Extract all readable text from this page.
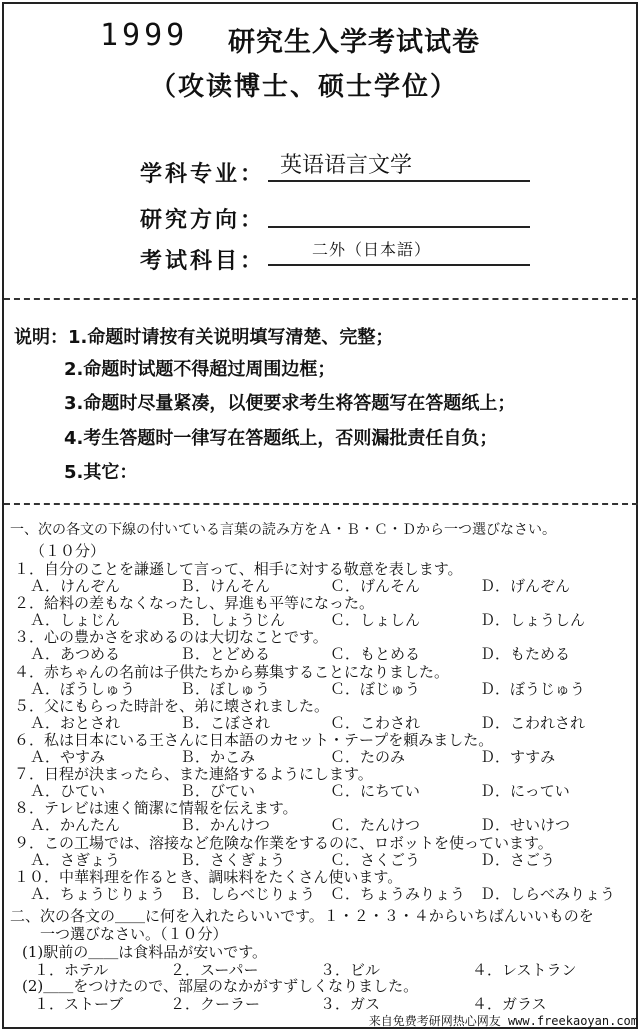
1999 研究生入学考试试卷
（攻读博士、硕士学位）
学科专业： 英语语言文学
研究方向：
考试科目：	二外（日本語）
说明：1.命题时请按有关说明填写清楚、完整；
2.命题时试题不得超过周围边框；
3.命题时尽量紧凑，以便要求考生将答题写在答题纸上；
4.考生答题时一律写在答题纸上，否则漏批责任自负；
5.其它：
一、次の各文の下線の付いている言葉の読み方をＡ・Ｂ・Ｃ・Ｄから一つ選びなさい。
（１０分）
１．自分のことを謙遜して言って、相手に対する敬意を表します。
Ａ．けんぞん	Ｂ．けんそん	Ｃ．げんそん	Ｄ．げんぞん
２．給料の差もなくなったし、昇進も平等になった。
Ａ．しょじん	Ｂ．しょうじん	Ｃ．しょしん	Ｄ．しょうしん
３．心の豊かさを求めるのは大切なことです。
Ａ．あつめる	Ｂ．とどめる	Ｃ．もとめる	Ｄ．もためる
４．赤ちゃんの名前は子供たちから募集することになりました。
Ａ．ぼうしゅう	Ｂ．ぼしゅう	Ｃ．ぼじゅう	Ｄ．ぼうじゅう
５．父にもらった時計を、弟に壊されました。
Ａ．おとされ	Ｂ．こぼされ	Ｃ．こわされ	Ｄ．こわれされ
６．私は日本にいる王さんに日本語のカセット・テープを頼みました。
Ａ．やすみ	Ｂ．かこみ	Ｃ．たのみ	Ｄ．すすみ
７．日程が決まったら、また連絡するようにします。
Ａ．ひてい	Ｂ．びてい	Ｃ．にちてい	Ｄ．にってい
８．テレビは速く簡潔に情報を伝えます。
Ａ．かんたん	Ｂ．かんけつ	Ｃ．たんけつ	Ｄ．せいけつ
９．この工場では、溶接など危険な作業をするのに、ロボットを使っています。
Ａ．さぎょう	Ｂ．さくぎょう	Ｃ．さくごう	Ｄ．さごう
１０．中華料理を作るとき、調味料をたくさん使います。
Ａ．ちょうじりょう Ｂ．しらべじりょう Ｃ．ちょうみりょう Ｄ．しらべみりょう
二、次の各文の＿＿に何を入れたらいいです。１・２・３・４からいちばんいいものを
一つ選びなさい。（１０分）
(1)駅前の＿＿は食料品が安いです。
１．ホテル	２．スーパー	３．ビル	４．レストラン
(2)＿＿をつけたので、部屋のなかがすずしくなりました。
１．ストーブ	２．クーラー	３．ガス	４．ガラス
来自免费考研网热心网友 www.freekaoyan.com
